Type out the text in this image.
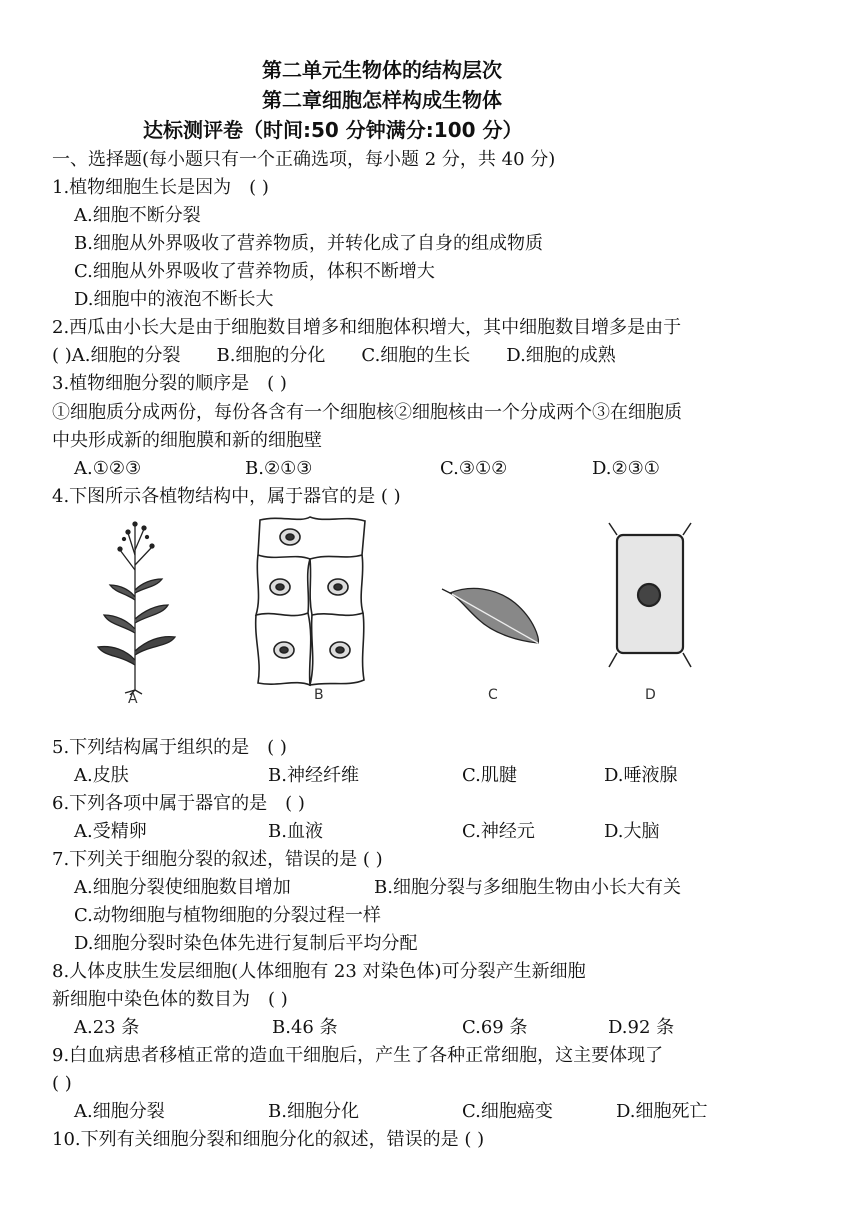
第二单元生物体的结构层次
第二章细胞怎样构成生物体
达标测评卷（时间:50 分钟满分:100 分）
一、选择题(每小题只有一个正确选项，每小题 2 分，共 40 分)
1.植物细胞生长是因为　( )
A.细胞不断分裂
B.细胞从外界吸收了营养物质，并转化成了自身的组成物质
C.细胞从外界吸收了营养物质，体积不断增大
D.细胞中的液泡不断长大
2.西瓜由小长大是由于细胞数目增多和细胞体积增大，其中细胞数目增多是由于
( )A.细胞的分裂　　B.细胞的分化　　C.细胞的生长　　D.细胞的成熟
3.植物细胞分裂的顺序是　( )
①细胞质分成两份，每份各含有一个细胞核②细胞核由一个分成两个③在细胞质
中央形成新的细胞膜和新的细胞壁
A.①②③	B.②①③	C.③①②	D.②③①
4.下图所示各植物结构中，属于器官的是 ( )
A	B	C	D
5.下列结构属于组织的是　( )
A.皮肤	B.神经纤维	C.肌腱	D.唾液腺
6.下列各项中属于器官的是　( )
A.受精卵	B.血液	C.神经元	D.大脑
7.下列关于细胞分裂的叙述，错误的是 ( )
A.细胞分裂使细胞数目增加	B.细胞分裂与多细胞生物由小长大有关
C.动物细胞与植物细胞的分裂过程一样
D.细胞分裂时染色体先进行复制后平均分配
8.人体皮肤生发层细胞(人体细胞有 23 对染色体)可分裂产生新细胞
新细胞中染色体的数目为　( )
A.23 条	B.46 条	C.69 条	D.92 条
9.白血病患者移植正常的造血干细胞后，产生了各种正常细胞，这主要体现了
( )
A.细胞分裂	B.细胞分化	C.细胞癌变	D.细胞死亡
10.下列有关细胞分裂和细胞分化的叙述，错误的是 ( )
